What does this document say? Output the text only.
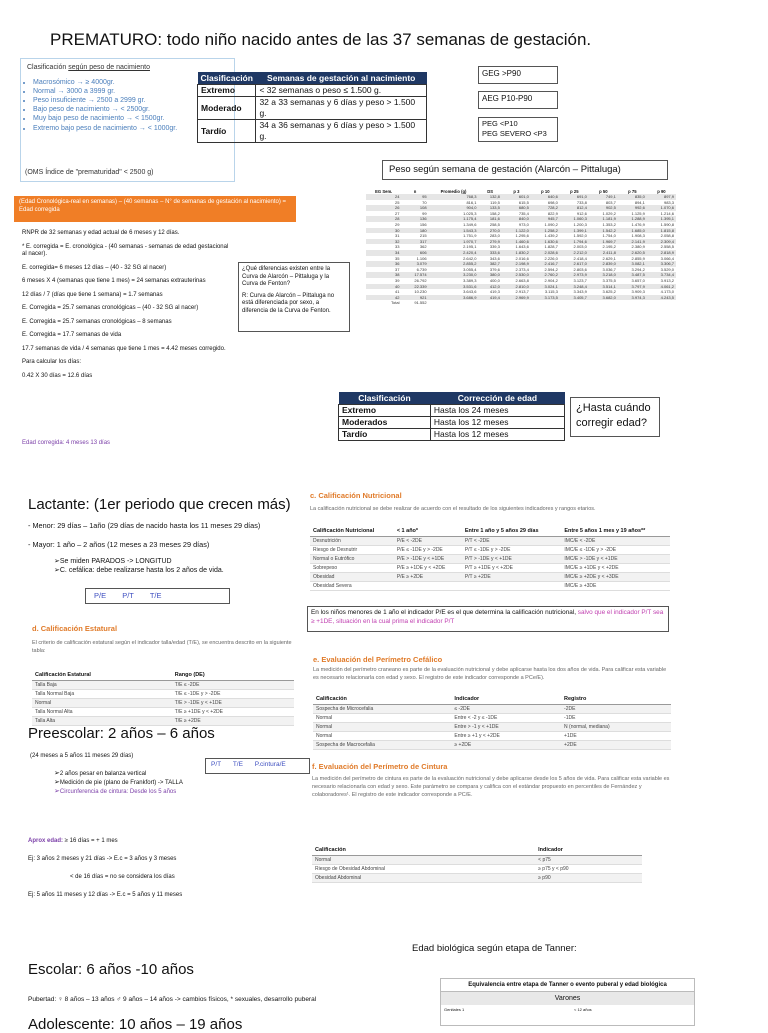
PREMATURO: todo niño nacido antes de las 37 semanas de gestación.
Clasificación según peso de nacimiento
• Macrosómico → ≥ 4000gr.
• Normal → 3000 a 3999 gr.
• Peso insuficiente → 2500 a 2999 gr.
• Bajo peso de nacimiento → < 2500gr.
• Muy bajo peso de nacimiento → < 1500gr.
• Extremo bajo peso de nacimiento → < 1000gr.
(OMS Índice de "prematuridad" < 2500 g)
Clasificación	Semanas de gestación al nacimiento
Extremo	< 32 semanas o peso ≤ 1.500 g.
Moderado	32 a 33 semanas y 6 días y peso > 1.500 g.
Tardío	34 a 36 semanas y 6 días y peso > 1.500 g.
GEG >P90
AEG P10-P90
PEG <P10
PEG SEVERO <P3
Peso según semana de gestación (Alarcón – Pittaluga)
(Edad Cronológica-real en semanas) – (40 semanas – N° de semanas de gestación al nacimiento) = Edad corregida
RNPR de 32 semanas y edad actual de 6 meses y 12 días.
* E. corregida = E. cronológica - (40 semanas - semanas de edad gestacional al nacer).
E. corregida= 6 meses 12 días – (40 - 32 SG al nacer)
6 meses X 4 (semanas que tiene 1 mes) = 24 semanas extrauterinas
12 días / 7 (días que tiene 1 semana) = 1.7 semanas
E. Corregida = 25.7 semanas cronológicas – (40 - 32 SG al nacer)
E. Corregida = 25.7 semanas cronológicas – 8 semanas
E. Corregida = 17.7 semanas de vida
17.7 semanas de vida / 4 semanas que tiene 1 mes = 4.42 meses corregido.
Para calcular los días:
0.42 X 30 días = 12.6 días
Edad corregida: 4 meses 13 días
¿Qué diferencias existen entre la Curva de Alarcón – Pittaluga y la Curva de Fenton?
R: Curva de Alarcón – Pittaluga no está diferenciada por sexo, a diferencia de la Curva de Fenton.
EG Sem.	n	Promedio (g)	DS	p 3	p 10	p 25	p 50	p 75	p 90
24	95	768,3	132,8	601,0	640,6	691,0	749,1	835,0	897,9
25	70	816,1	119,5	615,5	698,0	733,8	803,7	894,1	983,3
26	108	904,0	133,5	680,5	728,2	812,4	902,5	992,6	1.070,6
27	99	1.025,3	158,2	735,4	822,9	912,6	1.029,2	1.125,9	1.214,6
28	136	1.175,4	181,6	840,0	945,7	1.060,3	1.181,9	1.288,9	1.395,1
29	156	1.349,6	258,5	973,0	1.090,2	1.200,3	1.353,2	1.476,9	1.590,8
30	180	1.543,3	270,0	1.122,0	1.258,2	1.399,1	1.542,2	1.685,0	1.815,8
31	215	1.751,9	283,0	1.295,6	1.439,2	1.592,0	1.754,0	1.908,3	2.058,8
32	317	1.970,7	279,9	1.460,6	1.630,6	1.794,6	1.969,7	2.141,9	2.309,4
33	362	2.195,1	339,3	1.643,6	1.828,7	2.003,0	2.195,2	2.380,9	2.558,5
34	606	2.420,4	333,6	1.830,2	2.028,6	2.212,0	2.411,8	2.620,5	2.818,9
35	1.106	2.642,0	343,6	2.016,6	2.226,0	2.418,4	2.629,1	2.855,9	3.066,4
36	3.079	2.855,2	382,7	2.198,9	2.416,7	2.617,0	2.839,0	3.082,1	3.306,7
37	6.739	3.055,4	379,6	2.373,4	2.594,2	2.803,6	3.036,7	3.294,2	3.529,0
38	17.574	3.230,0	380,0	2.530,0	2.760,2	2.973,9	3.218,0	3.487,5	3.734,4
39	26.792	3.389,3	400,0	2.663,8	2.904,2	3.123,7	3.375,5	3.657,0	3.913,2
40	22.339	3.531,6	412,0	2.810,0	3.024,1	3.248,4	3.514,1	3.797,9	4.061,2
41	10.230	3.643,6	419,3	2.913,7	3.115,3	3.343,9	3.625,2	3.909,3	4.173,0
42	921	3.686,9	419,4	2.969,9	3.173,5	3.405,7	3.682,0	3.974,3	4.243,5
Total	91.552								
Clasificación	Corrección de edad
Extremo	Hasta los 24 meses
Moderados	Hasta los 12 meses
Tardío	Hasta los 12 meses
¿Hasta cuándo corregir edad?
Lactante: (1er periodo que crecen más)
- Menor: 29 días – 1año (29 días de nacido hasta los 11 meses 29 días)
- Mayor: 1 año – 2 años (12 meses a 23 meses 29 días)
➢ Se miden PARADOS -> LONGITUD
➢ C. cefálica: debe realizarse hasta los 2 años de vida.
P/E P/T T/E
c. Calificación Nutricional
La calificación nutricional se debe realizar de acuerdo con el resultado de los siguientes indicadores y rangos etarios.
Calificación Nutricional	< 1 año*	Entre 1 año y 5 años 29 días	Entre 5 años 1 mes y 19 años**
Desnutrición	P/E < -2DE	P/T < -2DE	IMC/E < -2DE
Riesgo de Desnutrir	P/E ≤ -1DE y > -2DE	P/T ≤ -1DE y > -2DE	IMC/E ≤ -1DE y > -2DE
Normal o Eutrófico	P/E > -1DE y < +1DE	P/T > -1DE y < +1DE	IMC/E > -1DE y < +1DE
Sobrepeso	P/E ≥ +1DE y < +2DE	P/T ≥ +1DE y < +2DE	IMC/E ≥ +1DE y < +2DE
Obesidad	P/E ≥ +2DE	P/T ≥ +2DE	IMC/E ≥ +2DE y < +3DE
Obesidad Severa			IMC/E ≥ +3DE
En los niños menores de 1 año el indicador P/E es el que determina la calificación nutricional, salvo que el indicador P/T sea ≥ +1DE, situación en la cual prima el indicador P/T
d. Calificación Estatural
El criterio de calificación estatural según el indicador talla/edad (T/E), se encuentra descrito en la siguiente tabla:
Calificación Estatural	Rango (DE)
Talla Baja	T/E ≤ -2DE
Talla Normal Baja	T/E ≤ -1DE y > -2DE
Normal	T/E > -1DE y < +1DE
Talla Normal Alta	T/E ≥ +1DE y < +2DE
Talla Alta	T/E ≥ +2DE
e. Evaluación del Perímetro Cefálico
La medición del perímetro craneano es parte de la evaluación nutricional y debe aplicarse hasta los dos años de vida. Para calificar esta variable es necesario relacionarla con edad y sexo. El registro de este indicador corresponde a PCe/E).
Calificación	Indicador	Registro
Sospecha de Microcefalia	≤ -2DE	-2DE
Normal	Entre < -2 y ≤ -1DE	-1DE
Normal	Entre > -1 y < +1DE	N (normal, mediana)
Normal	Entre ≥ +1 y < +2DE	+1DE
Sospecha de Macrocefalia	≥ +2DE	+2DE
Preescolar: 2 años – 6 años
(24 meses a 5 años 11 meses 29 días)
➢ 2 años pesar en balanza vertical
➢ Medición de pie (plano de Frankfort) -> TALLA
➢ Circunferencia de cintura: Desde los 5 años
P/T T/E P.cintura/E
Aprox edad: ≥ 16 días = + 1 mes
Ej: 3 años 2 meses y 21 días -> E.c = 3 años y 3 meses
< de 16 días = no se considera los días
Ej: 5 años 11 meses y 12 días -> E.c = 5 años y 11 meses
f. Evaluación del Perímetro de Cintura
La medición del perímetro de cintura es parte de la evaluación nutricional y debe aplicarse desde los 5 años de vida. Para calificar esta variable es necesario relacionarla con edad y sexo. Este parámetro se compara y califica con el estándar propuesto en percentiles de Fernández y colaboradores¹. El registro de este indicador corresponde a PC/E.
Calificación	Indicador
Normal	< p75
Riesgo de Obesidad Abdominal	≥ p75 y < p90
Obesidad Abdominal	≥ p90
Edad biológica según etapa de Tanner:
Equivalencia entre etapa de Tanner o evento puberal y edad biológica
Varones
Genitales 1	< 12 años
Escolar: 6 años -10 años
Pubertad: ♀ 8 años – 13 años ♂ 9 años – 14 años -> cambios físicos, * sexuales, desarrollo puberal
Adolescente: 10 años – 19 años
